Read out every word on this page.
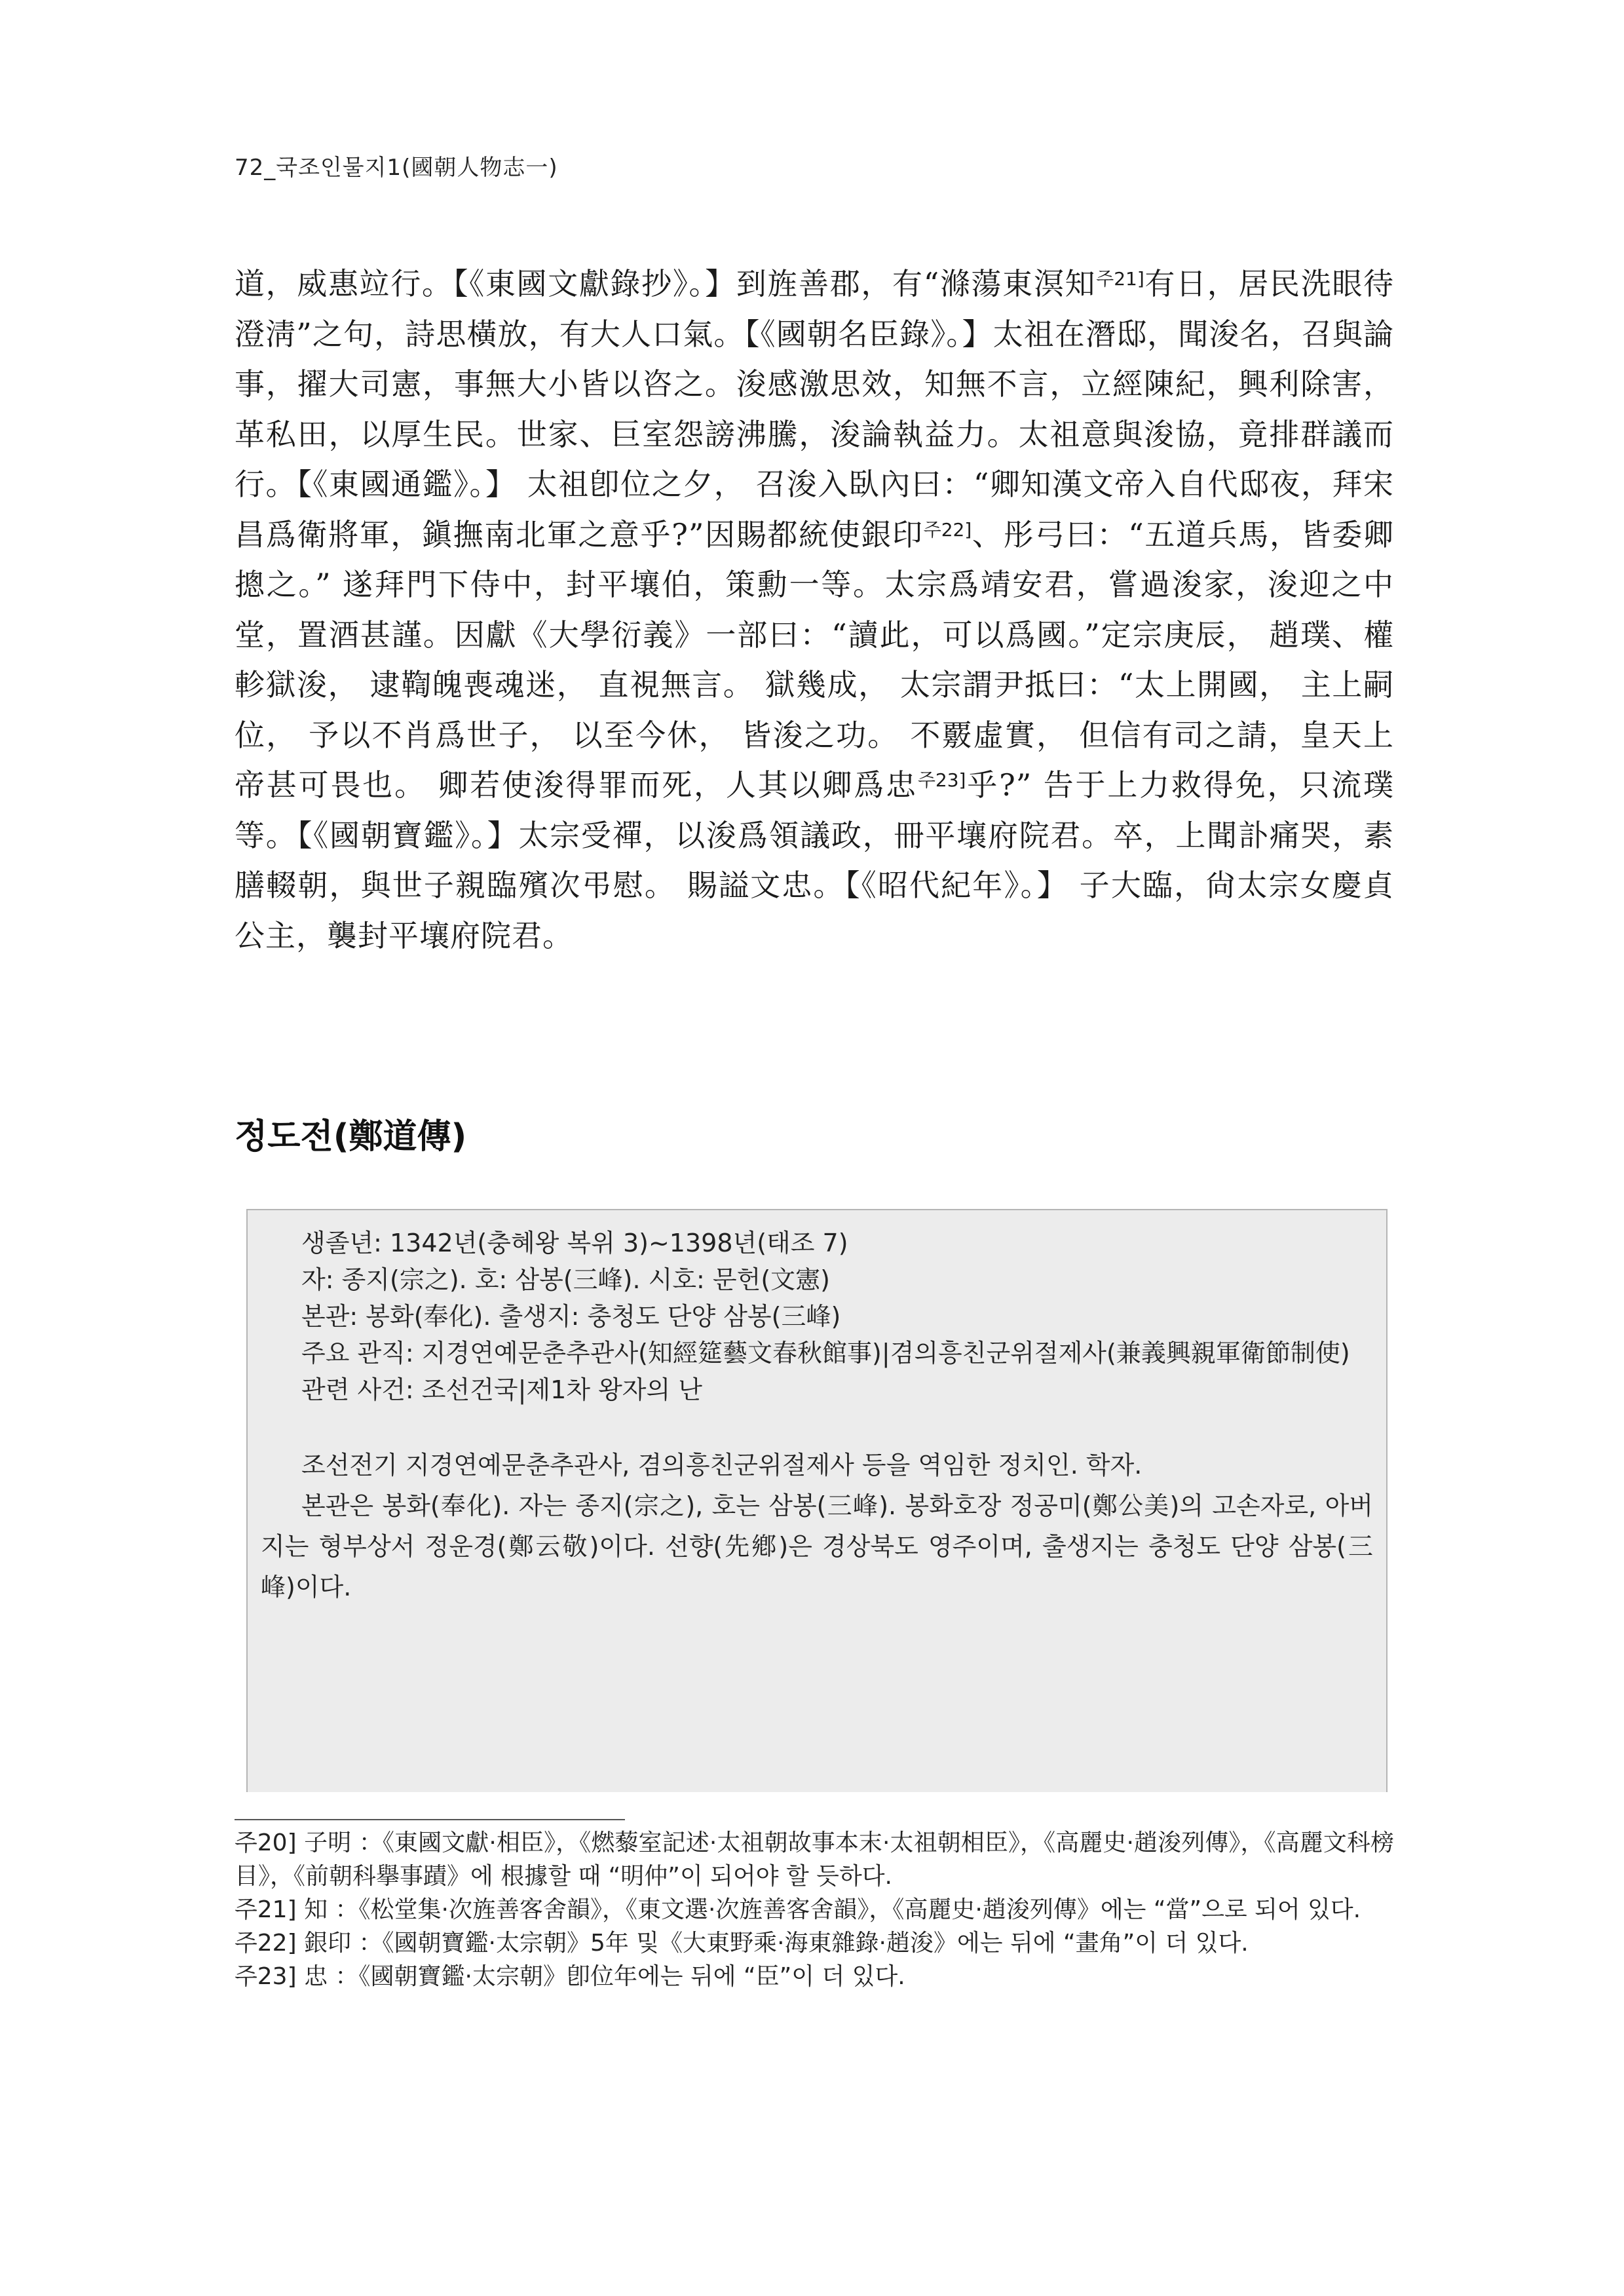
72_국조인물지1(國朝人物志一)

道，威惠竝行。【《東國文獻錄抄》。】到旌善郡，有“滌蕩東溟知$^{주21]}$有日，居民洗眼待澄淸”之句，詩思橫放，有大人口氣。【《國朝名臣錄》。】太祖在潛邸，聞浚名，召與論事，擢大司憲，事無大小皆以咨之。浚感激思效，知無不言，立經陳紀，興利除害，革私田，以厚生民。世家、巨室怨謗沸騰，浚論執益力。太祖意與浚協，竟排群議而行。【《東國通鑑》。】 太祖卽位之夕， 召浚入臥內曰：“卿知漢文帝入自代邸夜，拜宋昌爲衛將軍，鎭撫南北軍之意乎?”因賜都統使銀印$^{주22]}$、彤弓曰：“五道兵馬，皆委卿摠之。” 遂拜門下侍中，封平壤伯，策勳一等。太宗爲靖安君，嘗過浚家，浚迎之中堂，置酒甚謹。因獻《大學衍義》一部曰：“讀此，可以爲國。”定宗庚辰， 趙璞、權軫獄浚， 逮鞫魄喪魂迷， 直視無言。 獄幾成， 太宗謂尹抵曰：“太上開國， 主上嗣位， 予以不肖爲世子， 以至今休， 皆浚之功。 不覈虛實， 但信有司之請，皇天上帝甚可畏也。 卿若使浚得罪而死，人其以卿爲忠$^{주23]}$乎?” 告于上力救得免，只流璞等。【《國朝寶鑑》。】太宗受禪，以浚爲領議政，冊平壤府院君。卒，上聞訃痛哭，素膳輟朝，與世子親臨殯次弔慰。 賜謚文忠。【《昭代紀年》。】 子大臨，尙太宗女慶貞公主，襲封平壤府院君。

정도전(鄭道傳)
생졸년: 1342년(충혜왕 복위 3)~1398년(태조 7)
자: 종지(宗之). 호: 삼봉(三峰). 시호: 문헌(文憲)
본관: 봉화(奉化). 출생지: 충청도 단양 삼봉(三峰)
주요 관직: 지경연예문춘추관사(知經筵藝文春秋館事)|겸의흥친군위절제사(兼義興親軍衛節制使)
관련 사건: 조선건국|제1차 왕자의 난

조선전기 지경연예문춘추관사, 겸의흥친군위절제사 등을 역임한 정치인. 학자.

본관은 봉화(奉化). 자는 종지(宗之), 호는 삼봉(三峰). 봉화호장 정공미(鄭公美)의 고손자로, 아버지는 형부상서 정운경(鄭云敬)이다. 선향(先鄕)은 경상북도 영주이며, 출생지는 충청도 단양 삼봉(三峰)이다.

주20] 子明 ：《東國文獻·相臣》，《燃藜室記述·太祖朝故事本末·太祖朝相臣》，《高麗史·趙浚列傳》，《高麗文科榜目》，《前朝科擧事蹟》에 根據할 때 “明仲”이 되어야 할 듯하다.

주21] 知 ：《松堂集·次旌善客舍韻》，《東文選·次旌善客舍韻》，《高麗史·趙浚列傳》에는 “當”으로 되어 있다.

주22] 銀印 ：《國朝寶鑑·太宗朝》5年 및《大東野乘·海東雜錄·趙浚》에는 뒤에 “畫角”이 더 있다.

주23] 忠 ：《國朝寶鑑·太宗朝》卽位年에는 뒤에 “臣”이 더 있다.
